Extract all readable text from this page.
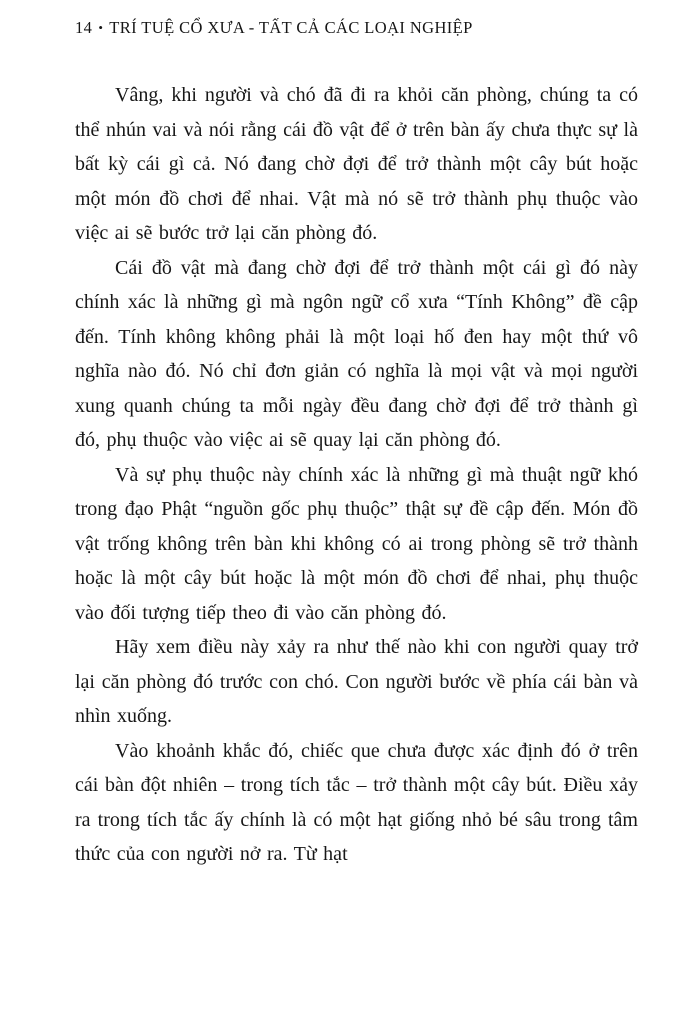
14 • TRÍ TUỆ CỔ XƯA - TẤT CẢ CÁC LOẠI NGHIỆP

Vâng, khi người và chó đã đi ra khỏi căn phòng, chúng ta có thể nhún vai và nói rằng cái đồ vật để ở trên bàn ấy chưa thực sự là bất kỳ cái gì cả. Nó đang chờ đợi để trở thành một cây bút hoặc một món đồ chơi để nhai. Vật mà nó sẽ trở thành phụ thuộc vào việc ai sẽ bước trở lại căn phòng đó.

Cái đồ vật mà đang chờ đợi để trở thành một cái gì đó này chính xác là những gì mà ngôn ngữ cổ xưa “Tính Không” đề cập đến. Tính không không phải là một loại hố đen hay một thứ vô nghĩa nào đó. Nó chỉ đơn giản có nghĩa là mọi vật và mọi người xung quanh chúng ta mỗi ngày đều đang chờ đợi để trở thành gì đó, phụ thuộc vào việc ai sẽ quay lại căn phòng đó.

Và sự phụ thuộc này chính xác là những gì mà thuật ngữ khó trong đạo Phật “nguồn gốc phụ thuộc” thật sự đề cập đến. Món đồ vật trống không trên bàn khi không có ai trong phòng sẽ trở thành hoặc là một cây bút hoặc là một món đồ chơi để nhai, phụ thuộc vào đối tượng tiếp theo đi vào căn phòng đó.

Hãy xem điều này xảy ra như thế nào khi con người quay trở lại căn phòng đó trước con chó. Con người bước về phía cái bàn và nhìn xuống.

Vào khoảnh khắc đó, chiếc que chưa được xác định đó ở trên cái bàn đột nhiên – trong tích tắc – trở thành một cây bút. Điều xảy ra trong tích tắc ấy chính là có một hạt giống nhỏ bé sâu trong tâm thức của con người nở ra. Từ hạt
